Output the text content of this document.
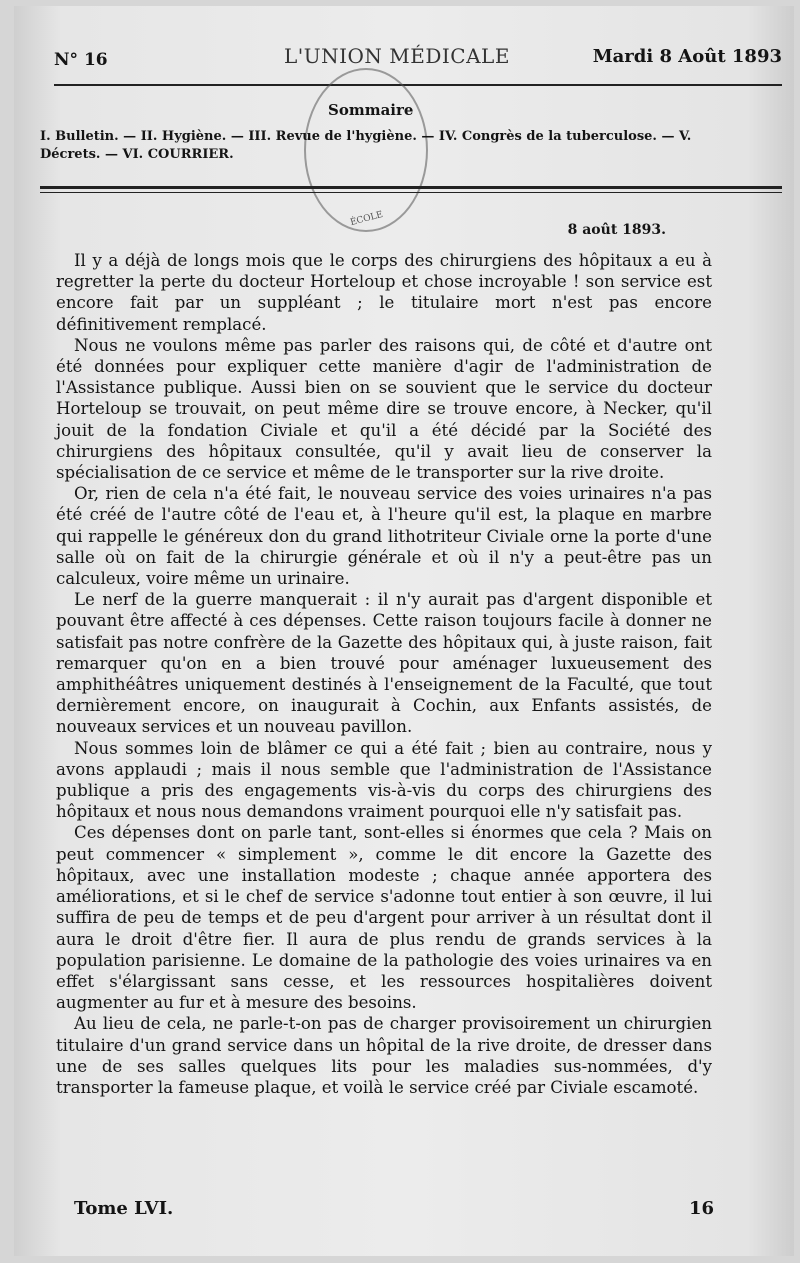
N° 16	L'UNION MÉDICALE	Mardi 8 Août 1893
ÉCOLE
Sommaire
I. Bulletin. — II. Hygiène. — III. Revue de l'hygiène. — IV. Congrès de la tuberculose. — V. Décrets. — VI. COURRIER.
8 août 1893.

Il y a déjà de longs mois que le corps des chirurgiens des hôpitaux a eu à regretter la perte du docteur Horteloup et chose incroyable ! son service est encore fait par un suppléant ; le titulaire mort n'est pas encore définitivement remplacé.

Nous ne voulons même pas parler des raisons qui, de côté et d'autre ont été données pour expliquer cette manière d'agir de l'administration de l'Assistance publique. Aussi bien on se souvient que le service du docteur Horteloup se trouvait, on peut même dire se trouve encore, à Necker, qu'il jouit de la fondation Civiale et qu'il a été décidé par la Société des chirurgiens des hôpitaux consultée, qu'il y avait lieu de conserver la spécialisation de ce service et même de le transporter sur la rive droite.

Or, rien de cela n'a été fait, le nouveau service des voies urinaires n'a pas été créé de l'autre côté de l'eau et, à l'heure qu'il est, la plaque en marbre qui rappelle le généreux don du grand lithotriteur Civiale orne la porte d'une salle où on fait de la chirurgie générale et où il n'y a peut-être pas un calculeux, voire même un urinaire.

Le nerf de la guerre manquerait : il n'y aurait pas d'argent disponible et pouvant être affecté à ces dépenses. Cette raison toujours facile à donner ne satisfait pas notre confrère de la Gazette des hôpitaux qui, à juste raison, fait remarquer qu'on en a bien trouvé pour aménager luxueusement des amphithéâtres uniquement destinés à l'enseignement de la Faculté, que tout dernièrement encore, on inaugurait à Cochin, aux Enfants assistés, de nouveaux services et un nouveau pavillon.

Nous sommes loin de blâmer ce qui a été fait ; bien au contraire, nous y avons applaudi ; mais il nous semble que l'administration de l'Assistance publique a pris des engagements vis-à-vis du corps des chirurgiens des hôpitaux et nous nous demandons vraiment pourquoi elle n'y satisfait pas.

Ces dépenses dont on parle tant, sont-elles si énormes que cela ? Mais on peut commencer « simplement », comme le dit encore la Gazette des hôpitaux, avec une installation modeste ; chaque année apportera des améliorations, et si le chef de service s'adonne tout entier à son œuvre, il lui suffira de peu de temps et de peu d'argent pour arriver à un résultat dont il aura le droit d'être fier. Il aura de plus rendu de grands services à la population parisienne. Le domaine de la pathologie des voies urinaires va en effet s'élargissant sans cesse, et les ressources hospitalières doivent augmenter au fur et à mesure des besoins.

Au lieu de cela, ne parle-t-on pas de charger provisoirement un chirurgien titulaire d'un grand service dans un hôpital de la rive droite, de dresser dans une de ses salles quelques lits pour les maladies sus-nommées, d'y transporter la fameuse plaque, et voilà le service créé par Civiale escamoté.

Tome LVI.	16
